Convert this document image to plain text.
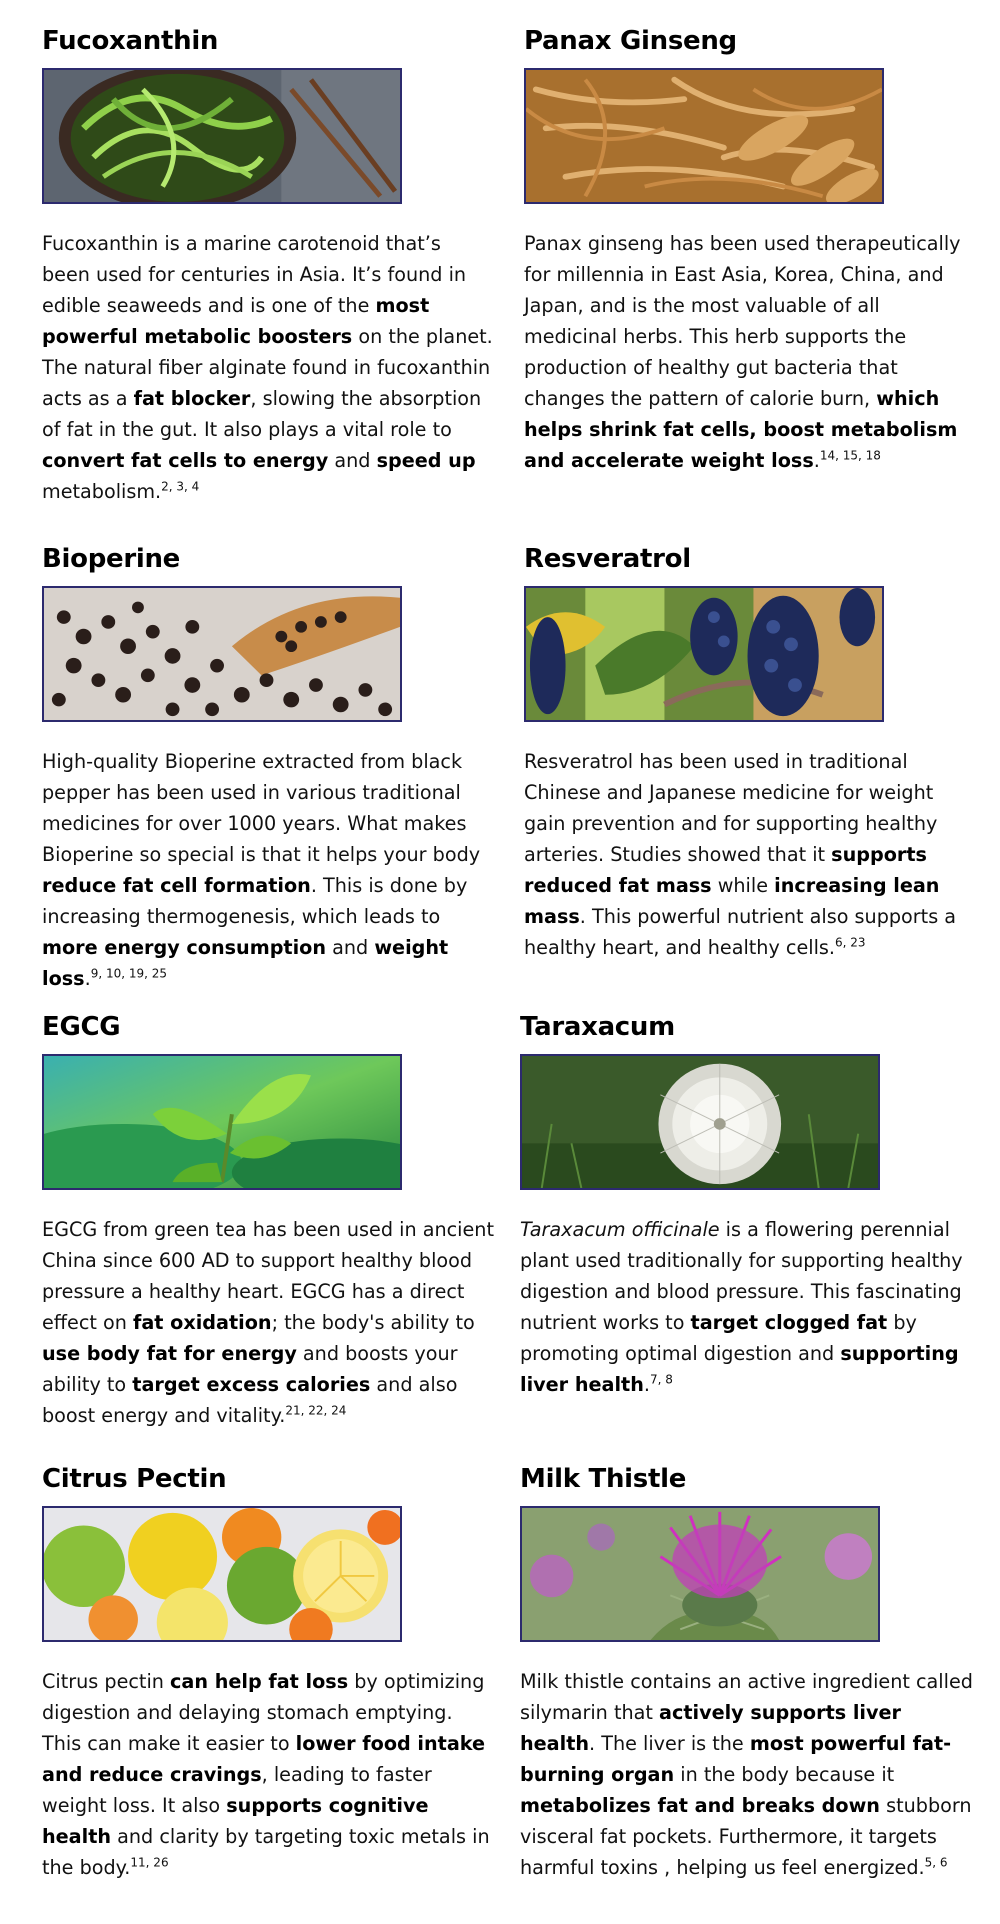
Fucoxanthin

Fucoxanthin is a marine carotenoid that’s been used for centuries in Asia. It’s found in edible seaweeds and is one of the most powerful metabolic boosters on the planet. The natural fiber alginate found in fucoxanthin acts as a fat blocker, slowing the absorption of fat in the gut. It also plays a vital role to convert fat cells to energy and speed up metabolism.$^{2, 3, 4}$

Panax Ginseng

Panax ginseng has been used therapeutically for millennia in East Asia, Korea, China, and Japan, and is the most valuable of all medicinal herbs. This herb supports the production of healthy gut bacteria that changes the pattern of calorie burn, which helps shrink fat cells, boost metabolism and accelerate weight loss.$^{14, 15, 18}$

Bioperine

High-quality Bioperine extracted from black pepper has been used in various traditional medicines for over 1000 years. What makes Bioperine so special is that it helps your body reduce fat cell formation. This is done by increasing thermogenesis, which leads to more energy consumption and weight loss.$^{9, 10, 19, 25}$

Resveratrol

Resveratrol has been used in traditional Chinese and Japanese medicine for weight gain prevention and for supporting healthy arteries. Studies showed that it supports reduced fat mass while increasing lean mass. This powerful nutrient also supports a healthy heart, and healthy cells.$^{6, 23}$

EGCG

EGCG from green tea has been used in ancient China since 600 AD to support healthy blood pressure a healthy heart. EGCG has a direct effect on fat oxidation; the body's ability to use body fat for energy and boosts your ability to target excess calories and also boost energy and vitality.$^{21, 22, 24}$

Taraxacum

Taraxacum officinale is a flowering perennial plant used traditionally for supporting healthy digestion and blood pressure. This fascinating nutrient works to target clogged fat by promoting optimal digestion and supporting liver health.$^{7, 8}$

Citrus Pectin

Citrus pectin can help fat loss by optimizing digestion and delaying stomach emptying. This can make it easier to lower food intake and reduce cravings, leading to faster weight loss. It also supports cognitive health and clarity by targeting toxic metals in the body.$^{11, 26}$

Milk Thistle

Milk thistle contains an active ingredient called silymarin that actively supports liver health. The liver is the most powerful fat-burning organ in the body because it metabolizes fat and breaks down stubborn visceral fat pockets. Furthermore, it targets harmful toxins , helping us feel energized.$^{5, 6}$
